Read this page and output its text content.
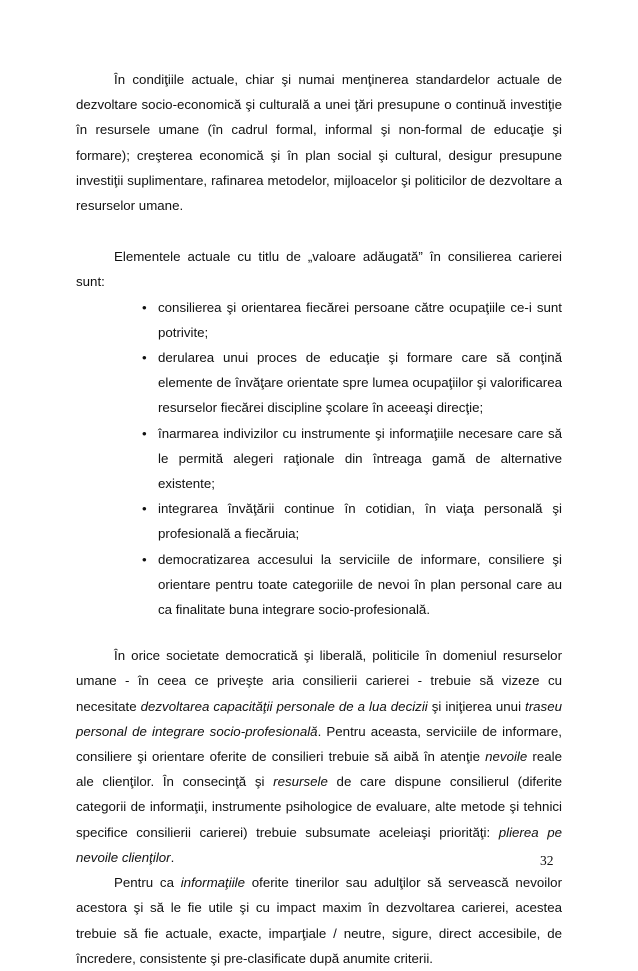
În condiţiile actuale, chiar şi numai menţinerea standardelor actuale de dezvoltare socio-economică şi culturală a unei ţări presupune o continuă investiţie în resursele umane (în cadrul formal, informal şi non-formal de educaţie şi formare); creşterea economică şi în plan social şi cultural, desigur presupune investiţii suplimentare, rafinarea metodelor, mijloacelor şi politicilor de dezvoltare a resurselor umane.

Elementele actuale cu titlu de „valoare adăugată” în consilierea carierei sunt:

• consilierea şi orientarea fiecărei persoane către ocupaţiile ce-i sunt potrivite;
• derularea unui proces de educaţie şi formare care să conţină elemente de învăţare orientate spre lumea ocupaţiilor şi valorificarea resurselor fiecărei discipline şcolare în aceeaşi direcţie;
• înarmarea indivizilor cu instrumente şi informaţiile necesare care să le permită alegeri raţionale din întreaga gamă de alternative existente;
• integrarea învăţării continue în cotidian, în viaţa personală şi profesională a fiecăruia;
• democratizarea accesului la serviciile de informare, consiliere şi orientare pentru toate categoriile de nevoi în plan personal care au ca finalitate buna integrare socio-profesională.

În orice societate democratică şi liberală, politicile în domeniul resurselor umane - în ceea ce priveşte aria consilierii carierei - trebuie să vizeze cu necesitate dezvoltarea capacităţii personale de a lua decizii şi iniţierea unui traseu personal de integrare socio-profesională. Pentru aceasta, serviciile de informare, consiliere şi orientare oferite de consilieri trebuie să aibă în atenţie nevoile reale ale clienţilor. În consecinţă şi resursele de care dispune consilierul (diferite categorii de informaţii, instrumente psihologice de evaluare, alte metode şi tehnici specifice consilierii carierei) trebuie subsumate aceleiaşi priorităţi: plierea pe nevoile clienţilor.

Pentru ca informaţiile oferite tinerilor sau adulţilor să servească nevoilor acestora şi să le fie utile şi cu impact maxim în dezvoltarea carierei, acestea trebuie să fie actuale, exacte, imparţiale / neutre, sigure, direct accesibile, de încredere, consistente şi pre-clasificate după anumite criterii.

32
